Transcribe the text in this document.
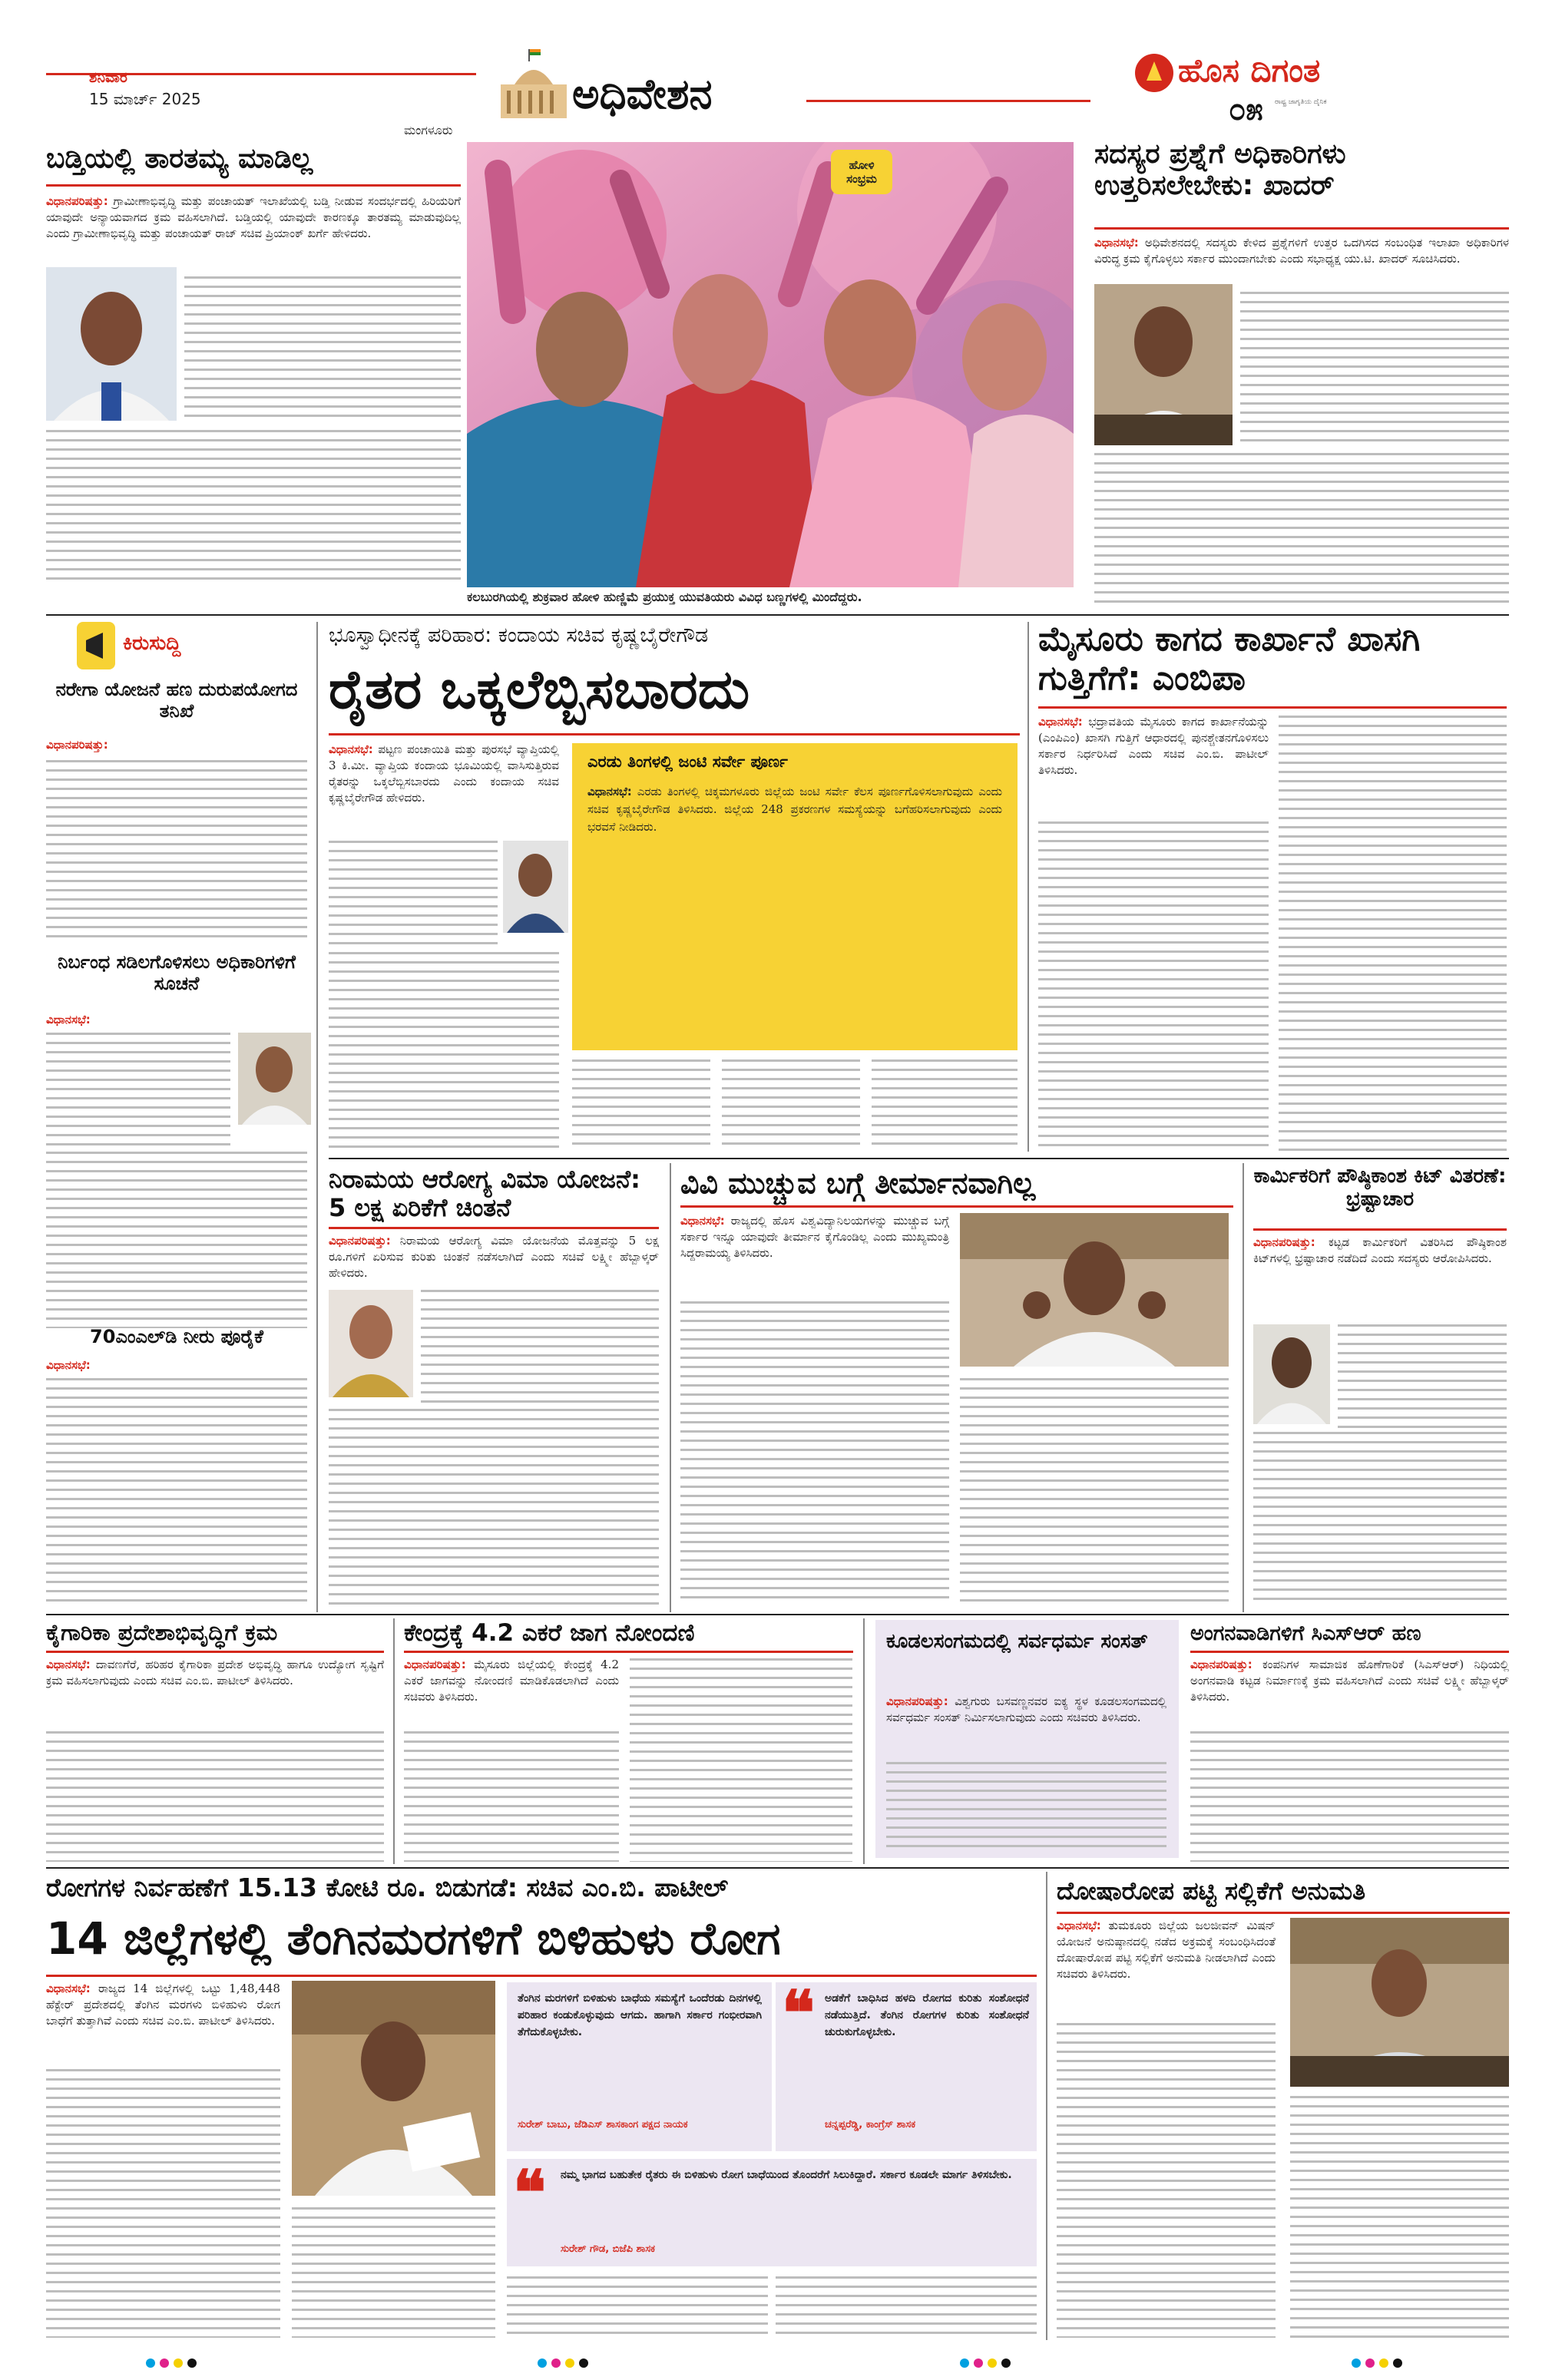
ಶನಿವಾರ
15 ಮಾರ್ಚ್ 2025
ಮಂಗಳೂರು
ಅಧಿವೇಶನ	ಹೊಸ ದಿಗಂತ
ರಾಷ್ಟ್ರ ಜಾಗೃತಿಯ ದೈನಿಕ
೦೫
ಬಡ್ತಿಯಲ್ಲಿ ತಾರತಮ್ಯ ಮಾಡಿಲ್ಲ
ವಿಧಾನಪರಿಷತ್ತು: ಗ್ರಾಮೀಣಾಭಿವೃದ್ಧಿ ಮತ್ತು ಪಂಚಾಯತ್ ಇಲಾಖೆಯಲ್ಲಿ ಬಡ್ತಿ ನೀಡುವ ಸಂದರ್ಭದಲ್ಲಿ ಹಿರಿಯರಿಗೆ ಯಾವುದೇ ಅನ್ಯಾಯವಾಗದ ಕ್ರಮ ವಹಿಸಲಾಗಿದೆ. ಬಡ್ತಿಯಲ್ಲಿ ಯಾವುದೇ ಕಾರಣಕ್ಕೂ ತಾರತಮ್ಯ ಮಾಡುವುದಿಲ್ಲ ಎಂದು ಗ್ರಾಮೀಣಾಭಿವೃದ್ಧಿ ಮತ್ತು ಪಂಚಾಯತ್ ರಾಜ್ ಸಚಿವ ಪ್ರಿಯಾಂಕ್ ಖರ್ಗೆ ಹೇಳಿದರು.
ಹೋಳಿ ಸಂಭ್ರಮ
ಕಲಬುರಗಿಯಲ್ಲಿ ಶುಕ್ರವಾರ ಹೋಳಿ ಹುಣ್ಣಿಮೆ ಪ್ರಯುಕ್ತ ಯುವತಿಯರು ವಿವಿಧ ಬಣ್ಣಗಳಲ್ಲಿ ಮಿಂದೆದ್ದರು.
ಸದಸ್ಯರ ಪ್ರಶ್ನೆಗೆ ಅಧಿಕಾರಿಗಳು ಉತ್ತರಿಸಲೇಬೇಕು: ಖಾದರ್
ವಿಧಾನಸಭೆ: ಅಧಿವೇಶನದಲ್ಲಿ ಸದಸ್ಯರು ಕೇಳಿದ ಪ್ರಶ್ನೆಗಳಿಗೆ ಉತ್ತರ ಒದಗಿಸದ ಸಂಬಂಧಿತ ಇಲಾಖಾ ಅಧಿಕಾರಿಗಳ ವಿರುದ್ಧ ಕ್ರಮ ಕೈಗೊಳ್ಳಲು ಸರ್ಕಾರ ಮುಂದಾಗಬೇಕು ಎಂದು ಸಭಾಧ್ಯಕ್ಷ ಯು.ಟಿ. ಖಾದರ್ ಸೂಚಿಸಿದರು.
ಕಿರುಸುದ್ದಿ
ನರೇಗಾ ಯೋಜನೆ ಹಣ ದುರುಪಯೋಗದ ತನಿಖೆ
ವಿಧಾನಪರಿಷತ್ತು:
ನಿರ್ಬಂಧ ಸಡಿಲಗೊಳಿಸಲು ಅಧಿಕಾರಿಗಳಿಗೆ ಸೂಚನೆ
ವಿಧಾನಸಭೆ:
70ಎಂಎಲ್‌ಡಿ ನೀರು ಪೂರೈಕೆ
ವಿಧಾನಸಭೆ:
ಭೂಸ್ವಾಧೀನಕ್ಕೆ ಪರಿಹಾರ: ಕಂದಾಯ ಸಚಿವ ಕೃಷ್ಣಬೈರೇಗೌಡ
ರೈತರ ಒಕ್ಕಲೆಬ್ಬಿಸಬಾರದು
ವಿಧಾನಸಭೆ: ಪಟ್ಟಣ ಪಂಚಾಯಿತಿ ಮತ್ತು ಪುರಸಭೆ ವ್ಯಾಪ್ತಿಯಲ್ಲಿ 3 ಕಿ.ಮೀ. ವ್ಯಾಪ್ತಿಯ ಕಂದಾಯ ಭೂಮಿಯಲ್ಲಿ ವಾಸಿಸುತ್ತಿರುವ ರೈತರನ್ನು ಒಕ್ಕಲೆಬ್ಬಿಸಬಾರದು ಎಂದು ಕಂದಾಯ ಸಚಿವ ಕೃಷ್ಣಬೈರೇಗೌಡ ಹೇಳಿದರು.
ಎರಡು ತಿಂಗಳಲ್ಲಿ ಜಂಟಿ ಸರ್ವೇ ಪೂರ್ಣ
ವಿಧಾನಸಭೆ: ಎರಡು ತಿಂಗಳಲ್ಲಿ ಚಿಕ್ಕಮಗಳೂರು ಜಿಲ್ಲೆಯ ಜಂಟಿ ಸರ್ವೇ ಕೆಲಸ ಪೂರ್ಣಗೊಳಿಸಲಾಗುವುದು ಎಂದು ಸಚಿವ ಕೃಷ್ಣಬೈರೇಗೌಡ ತಿಳಿಸಿದರು. ಜಿಲ್ಲೆಯ 248 ಪ್ರಕರಣಗಳ ಸಮಸ್ಯೆಯನ್ನು ಬಗೆಹರಿಸಲಾಗುವುದು ಎಂದು ಭರವಸೆ ನೀಡಿದರು.
ಮೈಸೂರು ಕಾಗದ ಕಾರ್ಖಾನೆ ಖಾಸಗಿ ಗುತ್ತಿಗೆಗೆ: ಎಂಬಿಪಾ
ವಿಧಾನಸಭೆ: ಭದ್ರಾವತಿಯ ಮೈಸೂರು ಕಾಗದ ಕಾರ್ಖಾನೆಯನ್ನು (ಎಂಪಿಎಂ) ಖಾಸಗಿ ಗುತ್ತಿಗೆ ಆಧಾರದಲ್ಲಿ ಪುನಶ್ಚೇತನಗೊಳಿಸಲು ಸರ್ಕಾರ ನಿರ್ಧರಿಸಿದೆ ಎಂದು ಸಚಿವ ಎಂ.ಬಿ. ಪಾಟೀಲ್ ತಿಳಿಸಿದರು.
ನಿರಾಮಯ ಆರೋಗ್ಯ ವಿಮಾ ಯೋಜನೆ: 5 ಲಕ್ಷ ಏರಿಕೆಗೆ ಚಿಂತನೆ
ವಿಧಾನಪರಿಷತ್ತು: ನಿರಾಮಯ ಆರೋಗ್ಯ ವಿಮಾ ಯೋಜನೆಯ ಮೊತ್ತವನ್ನು 5 ಲಕ್ಷ ರೂ.ಗಳಿಗೆ ಏರಿಸುವ ಕುರಿತು ಚಿಂತನೆ ನಡೆಸಲಾಗಿದೆ ಎಂದು ಸಚಿವೆ ಲಕ್ಷ್ಮೀ ಹೆಬ್ಬಾಳ್ಕರ್ ಹೇಳಿದರು.
ವಿವಿ ಮುಚ್ಚುವ ಬಗ್ಗೆ ತೀರ್ಮಾನವಾಗಿಲ್ಲ
ವಿಧಾನಸಭೆ: ರಾಜ್ಯದಲ್ಲಿ ಹೊಸ ವಿಶ್ವವಿದ್ಯಾನಿಲಯಗಳನ್ನು ಮುಚ್ಚುವ ಬಗ್ಗೆ ಸರ್ಕಾರ ಇನ್ನೂ ಯಾವುದೇ ತೀರ್ಮಾನ ಕೈಗೊಂಡಿಲ್ಲ ಎಂದು ಮುಖ್ಯಮಂತ್ರಿ ಸಿದ್ದರಾಮಯ್ಯ ತಿಳಿಸಿದರು.
ಕಾರ್ಮಿಕರಿಗೆ ಪೌಷ್ಠಿಕಾಂಶ ಕಿಟ್ ವಿತರಣೆ: ಭ್ರಷ್ಟಾಚಾರ
ವಿಧಾನಪರಿಷತ್ತು: ಕಟ್ಟಡ ಕಾರ್ಮಿಕರಿಗೆ ವಿತರಿಸಿದ ಪೌಷ್ಠಿಕಾಂಶ ಕಿಟ್‌ಗಳಲ್ಲಿ ಭ್ರಷ್ಟಾಚಾರ ನಡೆದಿದೆ ಎಂದು ಸದಸ್ಯರು ಆರೋಪಿಸಿದರು.
ಕೈಗಾರಿಕಾ ಪ್ರದೇಶಾಭಿವೃದ್ಧಿಗೆ ಕ್ರಮ
ವಿಧಾನಸಭೆ: ದಾವಣಗೆರೆ, ಹರಿಹರ ಕೈಗಾರಿಕಾ ಪ್ರದೇಶ ಅಭಿವೃದ್ಧಿ ಹಾಗೂ ಉದ್ಯೋಗ ಸೃಷ್ಟಿಗೆ ಕ್ರಮ ವಹಿಸಲಾಗುವುದು ಎಂದು ಸಚಿವ ಎಂ.ಬಿ. ಪಾಟೀಲ್ ತಿಳಿಸಿದರು.
ಕೇಂದ್ರಕ್ಕೆ 4.2 ಎಕರೆ ಜಾಗ ನೋಂದಣಿ
ವಿಧಾನಪರಿಷತ್ತು: ಮೈಸೂರು ಜಿಲ್ಲೆಯಲ್ಲಿ ಕೇಂದ್ರಕ್ಕೆ 4.2 ಎಕರೆ ಜಾಗವನ್ನು ನೋಂದಣಿ ಮಾಡಿಕೊಡಲಾಗಿದೆ ಎಂದು ಸಚಿವರು ತಿಳಿಸಿದರು.
ಕೂಡಲಸಂಗಮದಲ್ಲಿ ಸರ್ವಧರ್ಮ ಸಂಸತ್
ವಿಧಾನಪರಿಷತ್ತು: ವಿಶ್ವಗುರು ಬಸವಣ್ಣನವರ ಐಕ್ಯ ಸ್ಥಳ ಕೂಡಲಸಂಗಮದಲ್ಲಿ ಸರ್ವಧರ್ಮ ಸಂಸತ್ ನಿರ್ಮಿಸಲಾಗುವುದು ಎಂದು ಸಚಿವರು ತಿಳಿಸಿದರು.
ಅಂಗನವಾಡಿಗಳಿಗೆ ಸಿಎಸ್‌ಆರ್ ಹಣ
ವಿಧಾನಪರಿಷತ್ತು: ಕಂಪನಿಗಳ ಸಾಮಾಜಿಕ ಹೊಣೆಗಾರಿಕೆ (ಸಿಎಸ್‌ಆರ್) ನಿಧಿಯಲ್ಲಿ ಅಂಗನವಾಡಿ ಕಟ್ಟಡ ನಿರ್ಮಾಣಕ್ಕೆ ಕ್ರಮ ವಹಿಸಲಾಗಿದೆ ಎಂದು ಸಚಿವೆ ಲಕ್ಷ್ಮೀ ಹೆಬ್ಬಾಳ್ಕರ್ ತಿಳಿಸಿದರು.
ರೋಗಗಳ ನಿರ್ವಹಣೆಗೆ 15.13 ಕೋಟಿ ರೂ. ಬಿಡುಗಡೆ: ಸಚಿವ ಎಂ.ಬಿ. ಪಾಟೀಲ್
14 ಜಿಲ್ಲೆಗಳಲ್ಲಿ ತೆಂಗಿನಮರಗಳಿಗೆ ಬಿಳಿಹುಳು ರೋಗ
ವಿಧಾನಸಭೆ: ರಾಜ್ಯದ 14 ಜಿಲ್ಲೆಗಳಲ್ಲಿ ಒಟ್ಟು 1,48,448 ಹೆಕ್ಟೇರ್ ಪ್ರದೇಶದಲ್ಲಿ ತೆಂಗಿನ ಮರಗಳು ಬಿಳಿಹುಳು ರೋಗ ಬಾಧೆಗೆ ತುತ್ತಾಗಿವೆ ಎಂದು ಸಚಿವ ಎಂ.ಬಿ. ಪಾಟೀಲ್ ತಿಳಿಸಿದರು.
ತೆಂಗಿನ ಮರಗಳಿಗೆ ಬಿಳಿಹುಳು ಬಾಧೆಯ ಸಮಸ್ಯೆಗೆ ಒಂದೆರಡು ದಿನಗಳಲ್ಲಿ ಪರಿಹಾರ ಕಂಡುಕೊಳ್ಳುವುದು ಆಗದು. ಹಾಗಾಗಿ ಸರ್ಕಾರ ಗಂಭೀರವಾಗಿ ತೆಗೆದುಕೊಳ್ಳಬೇಕು.
ಸುರೇಶ್ ಬಾಬು, ಜೆಡಿಎಸ್ ಶಾಸಕಾಂಗ ಪಕ್ಷದ ನಾಯಕ
❝ ಅಡಕೆಗೆ ಬಾಧಿಸಿದ ಹಳದಿ ರೋಗದ ಕುರಿತು ಸಂಶೋಧನೆ ನಡೆಯುತ್ತಿದೆ. ತೆಂಗಿನ ರೋಗಗಳ ಕುರಿತು ಸಂಶೋಧನೆ ಚುರುಕುಗೊಳ್ಳಬೇಕು.
ಚನ್ನಪ್ಪರೆಡ್ಡಿ, ಕಾಂಗ್ರೆಸ್ ಶಾಸಕ
❝ ನಮ್ಮ ಭಾಗದ ಬಹುತೇಕ ರೈತರು ಈ ಬಿಳಿಹುಳು ರೋಗ ಬಾಧೆಯಿಂದ ತೊಂದರೆಗೆ ಸಿಲುಕಿದ್ದಾರೆ. ಸರ್ಕಾರ ಕೂಡಲೇ ಮಾರ್ಗ ತಿಳಿಸಬೇಕು.
ಸುರೇಶ್ ಗೌಡ, ಬಿಜೆಪಿ ಶಾಸಕ
ದೋಷಾರೋಪ ಪಟ್ಟಿ ಸಲ್ಲಿಕೆಗೆ ಅನುಮತಿ
ವಿಧಾನಸಭೆ: ತುಮಕೂರು ಜಿಲ್ಲೆಯ ಜಲಜೀವನ್ ಮಿಷನ್ ಯೋಜನೆ ಅನುಷ್ಠಾನದಲ್ಲಿ ನಡೆದ ಅಕ್ರಮಕ್ಕೆ ಸಂಬಂಧಿಸಿದಂತೆ ದೋಷಾರೋಪ ಪಟ್ಟಿ ಸಲ್ಲಿಕೆಗೆ ಅನುಮತಿ ನೀಡಲಾಗಿದೆ ಎಂದು ಸಚಿವರು ತಿಳಿಸಿದರು.
